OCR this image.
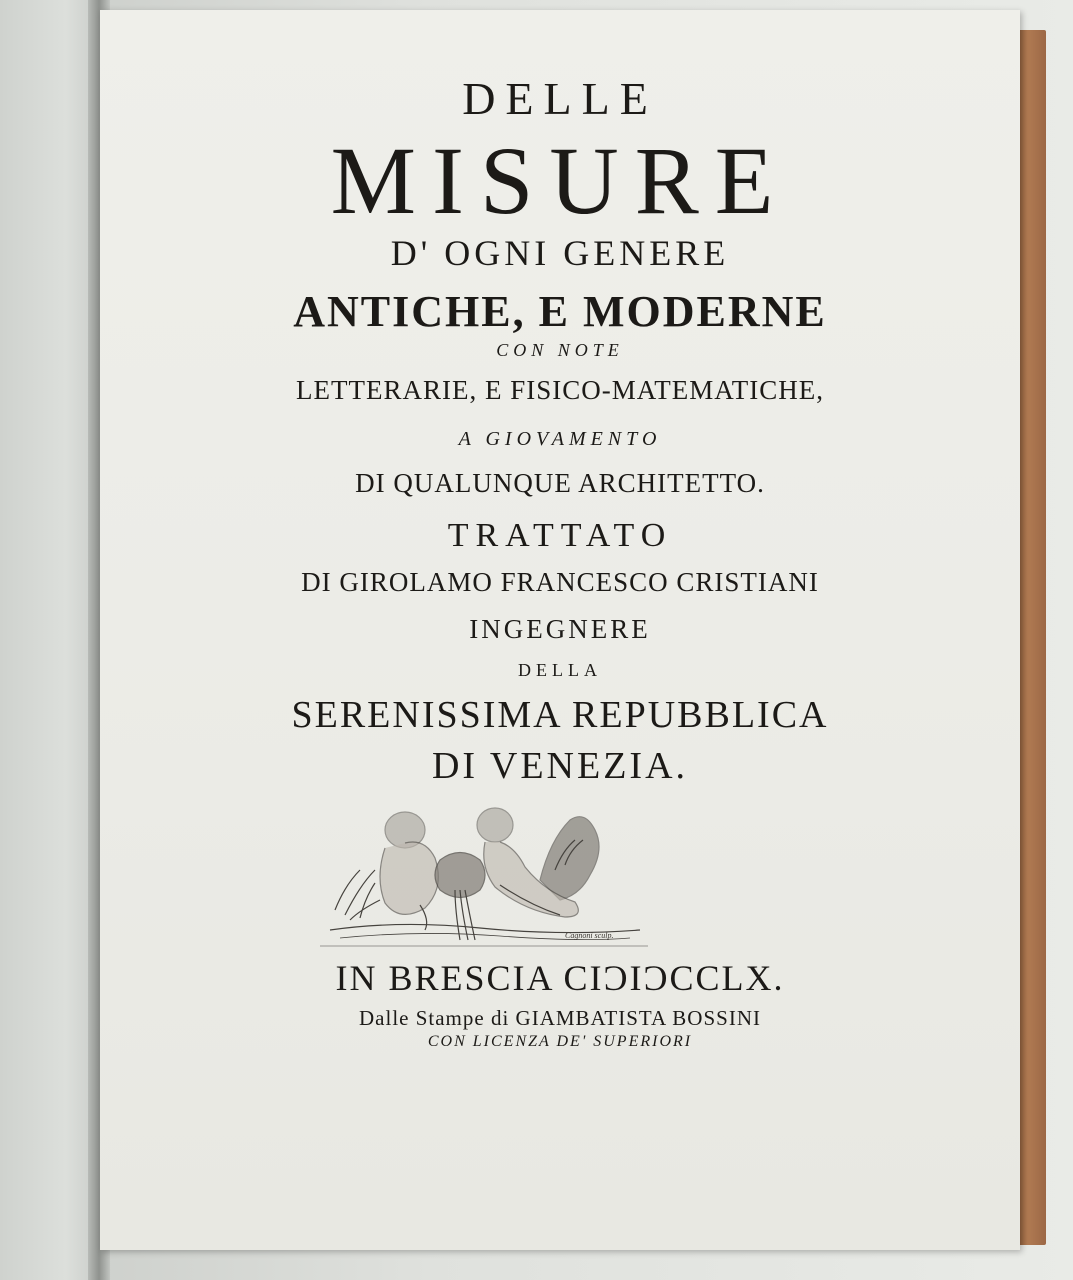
DELLE
MISURE
D' OGNI GENERE
ANTICHE, E MODERNE
CON NOTE
LETTERARIE, E FISICO-MATEMATICHE,
A GIOVAMENTO
DI QUALUNQUE ARCHITETTO.
TRATTATO
DI GIROLAMO FRANCESCO CRISTIANI
INGEGNERE
DELLA
SERENISSIMA REPUBBLICA
DI VENEZIA.
Cagnoni sculp.
IN BRESCIA CIƆIƆCCLX.
Dalle Stampe di GIAMBATISTA BOSSINI
CON LICENZA DE' SUPERIORI
